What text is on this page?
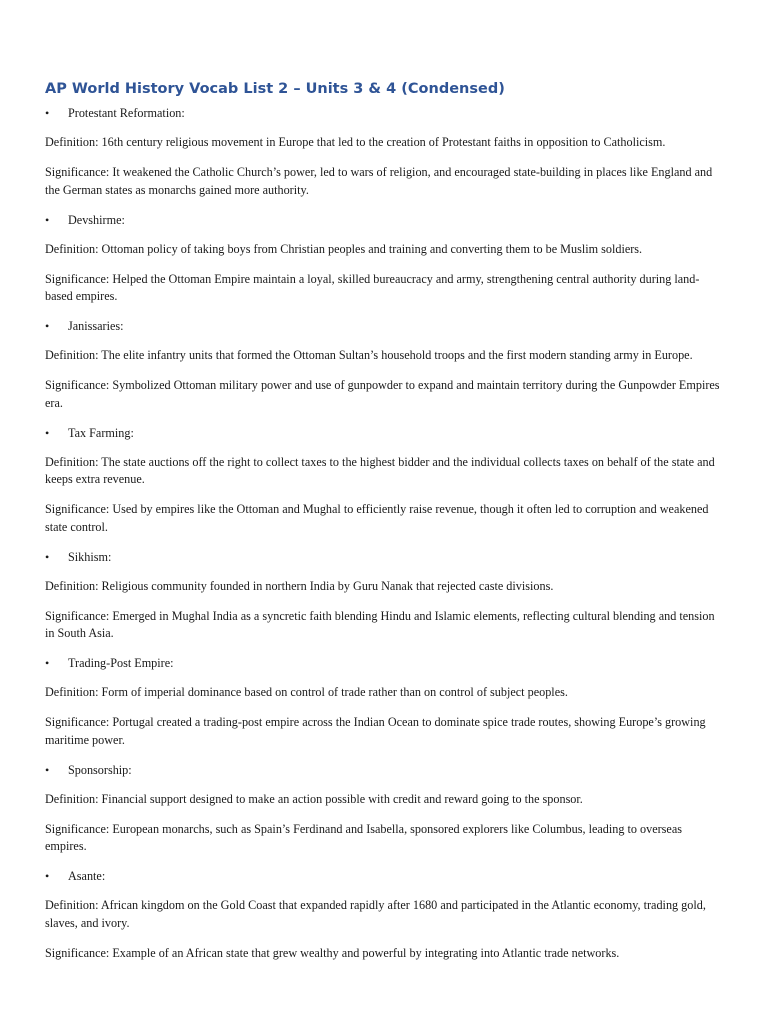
AP World History Vocab List 2 – Units 3 & 4 (Condensed)
• Protestant Reformation:

Definition: 16th century religious movement in Europe that led to the creation of Protestant faiths in opposition to Catholicism.

Significance: It weakened the Catholic Church’s power, led to wars of religion, and encouraged state-building in places like England and the German states as monarchs gained more authority.

• Devshirme:

Definition: Ottoman policy of taking boys from Christian peoples and training and converting them to be Muslim soldiers.

Significance: Helped the Ottoman Empire maintain a loyal, skilled bureaucracy and army, strengthening central authority during land-based empires.

• Janissaries:

Definition: The elite infantry units that formed the Ottoman Sultan’s household troops and the first modern standing army in Europe.

Significance: Symbolized Ottoman military power and use of gunpowder to expand and maintain territory during the Gunpowder Empires era.

• Tax Farming:

Definition: The state auctions off the right to collect taxes to the highest bidder and the individual collects taxes on behalf of the state and keeps extra revenue.

Significance: Used by empires like the Ottoman and Mughal to efficiently raise revenue, though it often led to corruption and weakened state control.

• Sikhism:

Definition: Religious community founded in northern India by Guru Nanak that rejected caste divisions.

Significance: Emerged in Mughal India as a syncretic faith blending Hindu and Islamic elements, reflecting cultural blending and tension in South Asia.

• Trading-Post Empire:

Definition: Form of imperial dominance based on control of trade rather than on control of subject peoples.

Significance: Portugal created a trading-post empire across the Indian Ocean to dominate spice trade routes, showing Europe’s growing maritime power.

• Sponsorship:

Definition: Financial support designed to make an action possible with credit and reward going to the sponsor.

Significance: European monarchs, such as Spain’s Ferdinand and Isabella, sponsored explorers like Columbus, leading to overseas empires.

• Asante:

Definition: African kingdom on the Gold Coast that expanded rapidly after 1680 and participated in the Atlantic economy, trading gold, slaves, and ivory.

Significance: Example of an African state that grew wealthy and powerful by integrating into Atlantic trade networks.
